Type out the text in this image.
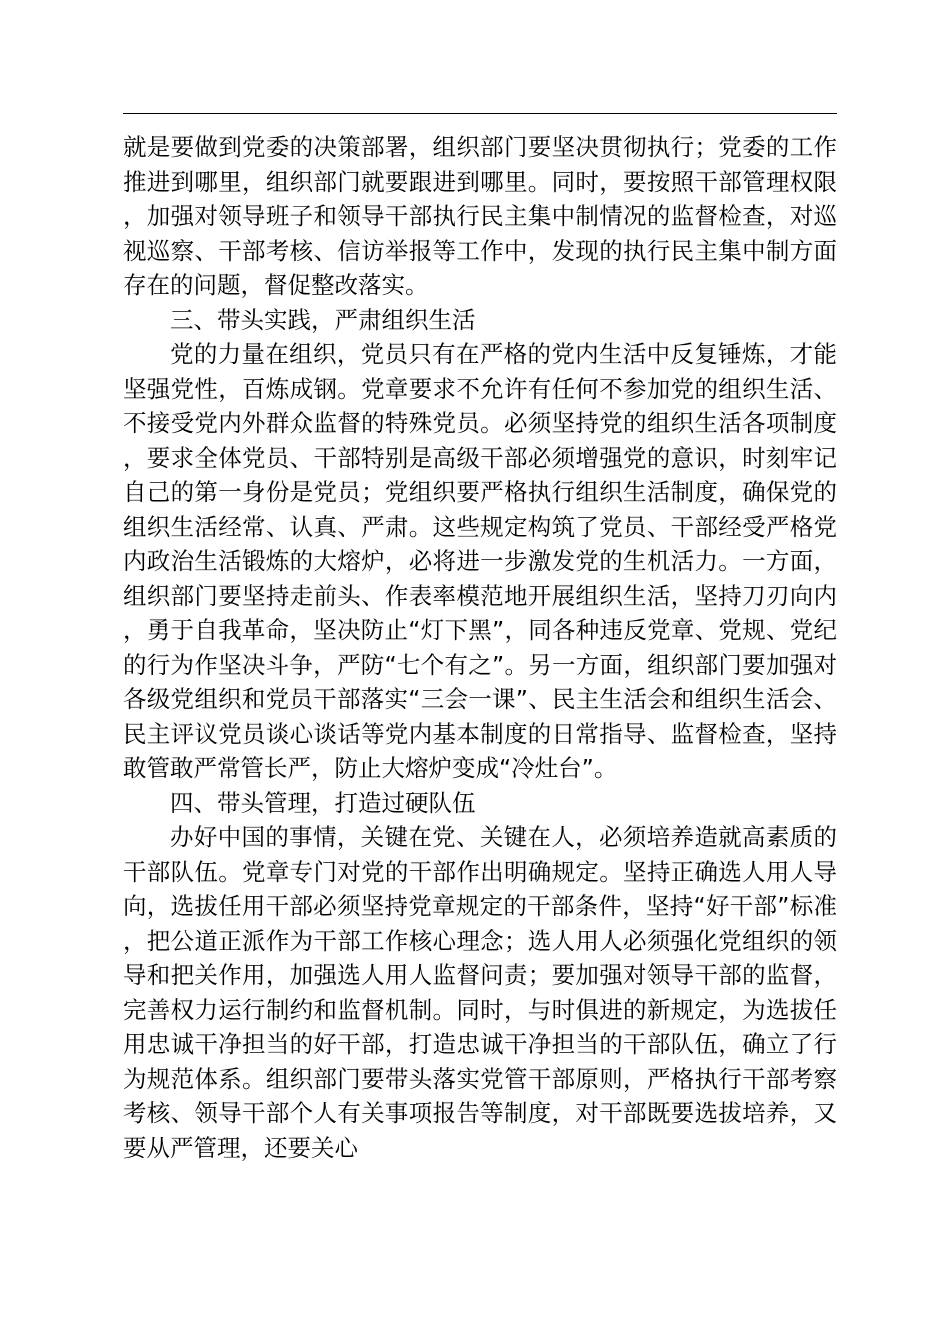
就是要做到党委的决策部署，组织部门要坚决贯彻执行；党委的工作推进到哪里，组织部门就要跟进到哪里。同时，要按照干部管理权限，加强对领导班子和领导干部执行民主集中制情况的监督检查，对巡视巡察、干部考核、信访举报等工作中，发现的执行民主集中制方面存在的问题，督促整改落实。

三、带头实践，严肃组织生活

党的力量在组织，党员只有在严格的党内生活中反复锤炼，才能坚强党性，百炼成钢。党章要求不允许有任何不参加党的组织生活、不接受党内外群众监督的特殊党员。必须坚持党的组织生活各项制度，要求全体党员、干部特别是高级干部必须增强党的意识，时刻牢记自己的第一身份是党员；党组织要严格执行组织生活制度，确保党的组织生活经常、认真、严肃。这些规定构筑了党员、干部经受严格党内政治生活锻炼的大熔炉，必将进一步激发党的生机活力。一方面，组织部门要坚持走前头、作表率模范地开展组织生活，坚持刀刃向内，勇于自我革命，坚决防止“灯下黑”，同各种违反党章、党规、党纪的行为作坚决斗争，严防“七个有之”。另一方面，组织部门要加强对各级党组织和党员干部落实“三会一课”、民主生活会和组织生活会、民主评议党员谈心谈话等党内基本制度的日常指导、监督检查，坚持敢管敢严常管长严，防止大熔炉变成“冷灶台”。

四、带头管理，打造过硬队伍

办好中国的事情，关键在党、关键在人，必须培养造就高素质的干部队伍。党章专门对党的干部作出明确规定。坚持正确选人用人导向，选拔任用干部必须坚持党章规定的干部条件，坚持“好干部”标准，把公道正派作为干部工作核心理念；选人用人必须强化党组织的领导和把关作用，加强选人用人监督问责；要加强对领导干部的监督，完善权力运行制约和监督机制。同时，与时俱进的新规定，为选拔任用忠诚干净担当的好干部，打造忠诚干净担当的干部队伍，确立了行为规范体系。组织部门要带头落实党管干部原则，严格执行干部考察考核、领导干部个人有关事项报告等制度，对干部既要选拔培养，又要从严管理，还要关心
